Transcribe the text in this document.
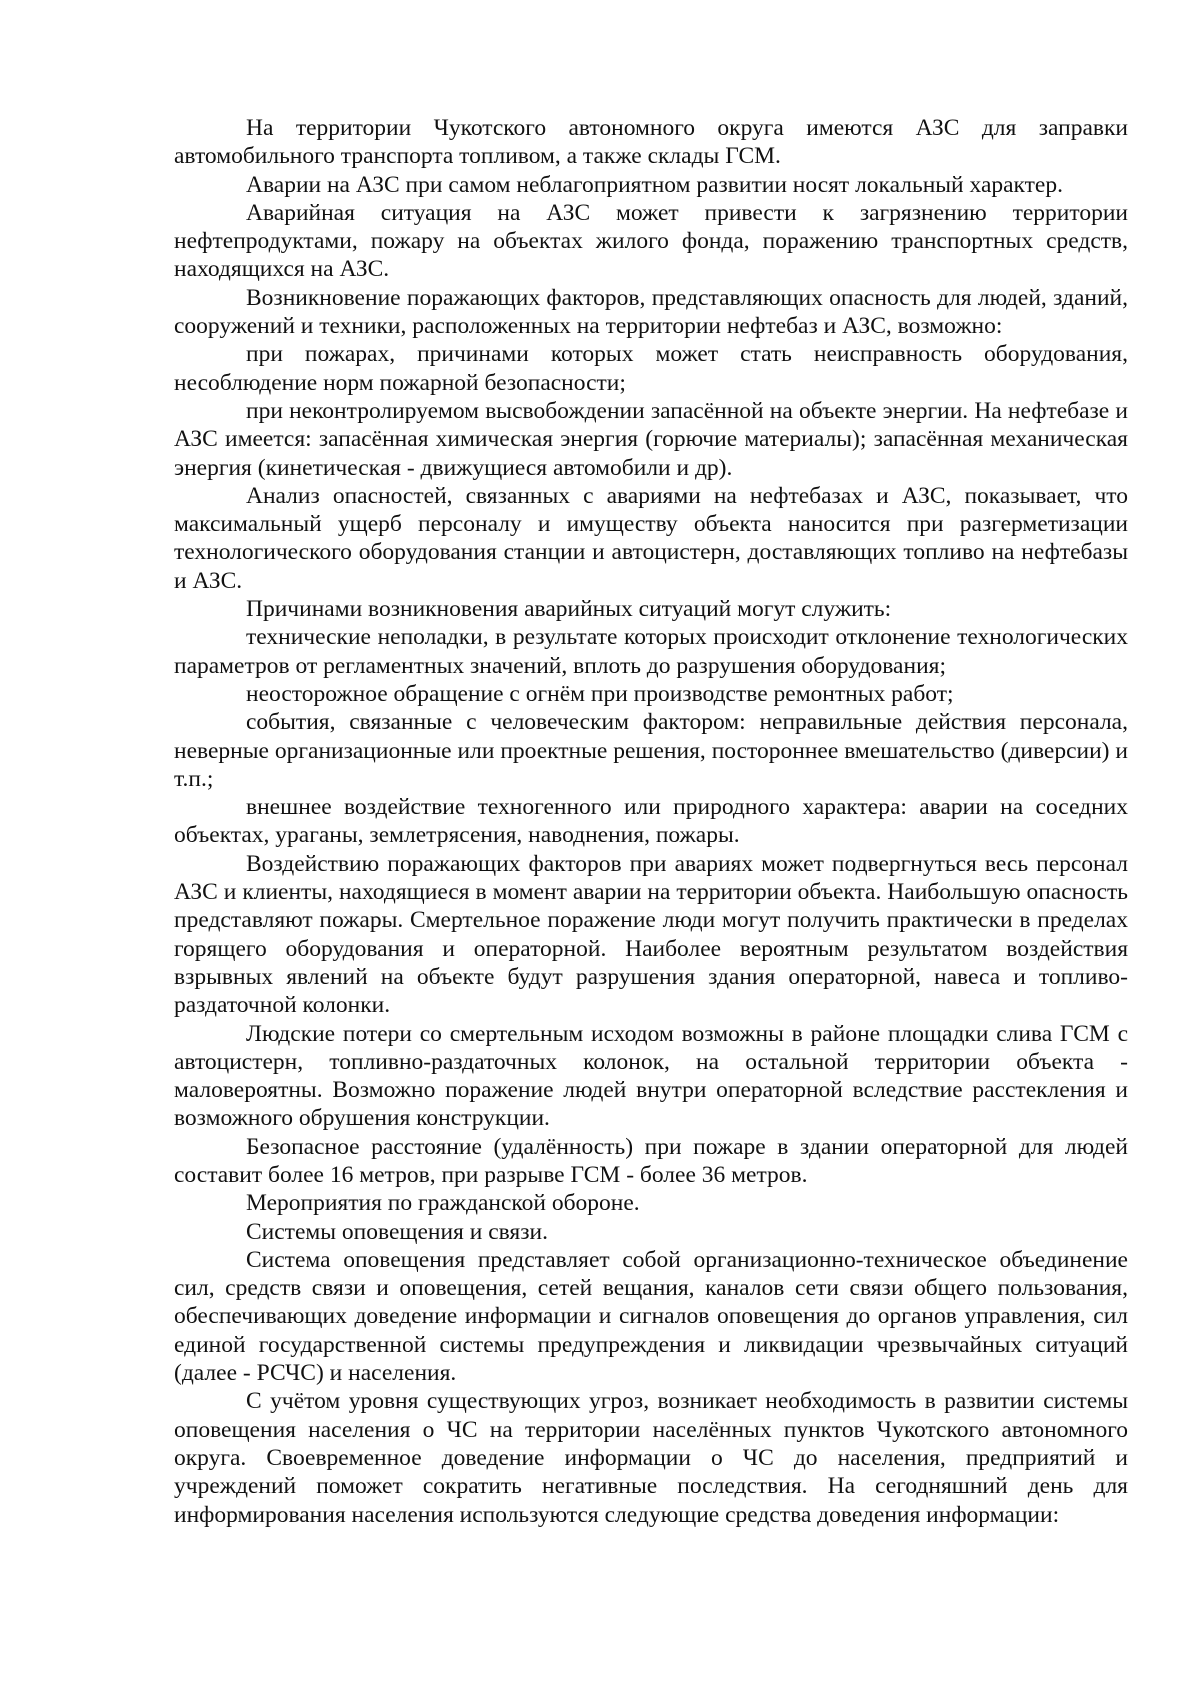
На территории Чукотского автономного округа имеются АЗС для заправки автомобильного транспорта топливом, а также склады ГСМ.

Аварии на АЗС при самом неблагоприятном развитии носят локальный характер.

Аварийная ситуация на АЗС может привести к загрязнению территории нефтепродуктами, пожару на объектах жилого фонда, поражению транспортных средств, находящихся на АЗС.

Возникновение поражающих факторов, представляющих опасность для людей, зданий, сооружений и техники, расположенных на территории нефтебаз и АЗС, возможно:

при пожарах, причинами которых может стать неисправность оборудования, несоблюдение норм пожарной безопасности;

при неконтролируемом высвобождении запасённой на объекте энергии. На нефтебазе и АЗС имеется: запасённая химическая энергия (горючие материалы); запасённая механическая энергия (кинетическая - движущиеся автомобили и др).

Анализ опасностей, связанных с авариями на нефтебазах и АЗС, показывает, что максимальный ущерб персоналу и имуществу объекта наносится при разгерметизации технологического оборудования станции и автоцистерн, доставляющих топливо на нефтебазы и АЗС.

Причинами возникновения аварийных ситуаций могут служить:

технические неполадки, в результате которых происходит отклонение технологических параметров от регламентных значений, вплоть до разрушения оборудования;

неосторожное обращение с огнём при производстве ремонтных работ;

события, связанные с человеческим фактором: неправильные действия персонала, неверные организационные или проектные решения, постороннее вмешательство (диверсии) и т.п.;

внешнее воздействие техногенного или природного характера: аварии на соседних объектах, ураганы, землетрясения, наводнения, пожары.

Воздействию поражающих факторов при авариях может подвергнуться весь персонал АЗС и клиенты, находящиеся в момент аварии на территории объекта. Наибольшую опасность представляют пожары. Смертельное поражение люди могут получить практически в пределах горящего оборудования и операторной. Наиболее вероятным результатом воздействия взрывных явлений на объекте будут разрушения здания операторной, навеса и топливо-раздаточной колонки.

Людские потери со смертельным исходом возможны в районе площадки слива ГСМ с автоцистерн, топливно-раздаточных колонок, на остальной территории объекта - маловероятны. Возможно поражение людей внутри операторной вследствие расстекления и возможного обрушения конструкции.

Безопасное расстояние (удалённость) при пожаре в здании операторной для людей составит более 16 метров, при разрыве ГСМ - более 36 метров.

Мероприятия по гражданской обороне.

Системы оповещения и связи.

Система оповещения представляет собой организационно-техническое объединение сил, средств связи и оповещения, сетей вещания, каналов сети связи общего пользования, обеспечивающих доведение информации и сигналов оповещения до органов управления, сил единой государственной системы предупреждения и ликвидации чрезвычайных ситуаций (далее - РСЧС) и населения.

С учётом уровня существующих угроз, возникает необходимость в развитии системы оповещения населения о ЧС на территории населённых пунктов Чукотского автономного округа. Своевременное доведение информации о ЧС до населения, предприятий и учреждений поможет сократить негативные последствия. На сегодняшний день для информирования населения используются следующие средства доведения информации:
